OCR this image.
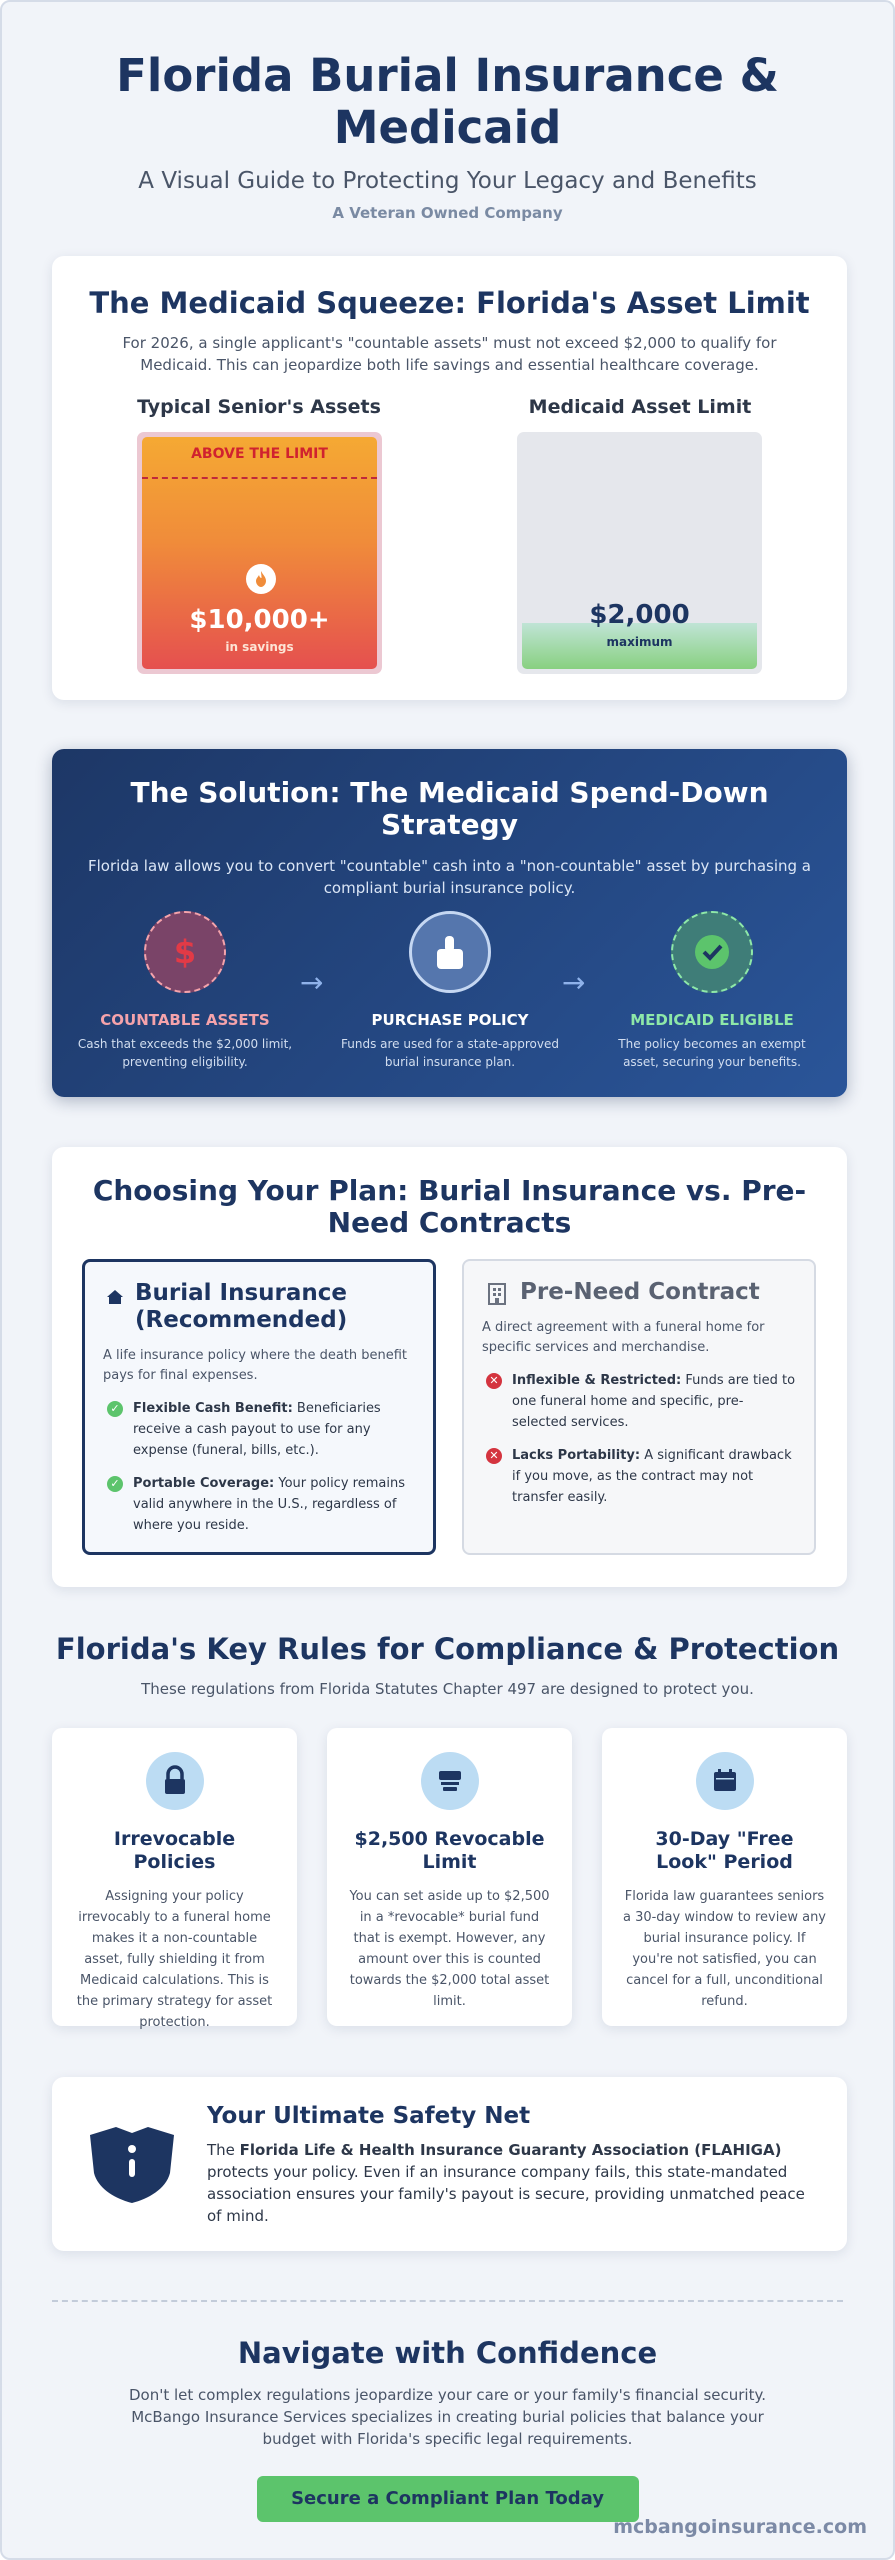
Florida Burial Insurance & Medicaid
A Visual Guide to Protecting Your Legacy and Benefits
A Veteran Owned Company
The Medicaid Squeeze: Florida's Asset Limit
For 2026, a single applicant's "countable assets" must not exceed $2,000 to qualify for Medicaid. This can jeopardize both life savings and essential healthcare coverage.
Typical Senior's Assets	Medicaid Asset Limit
ABOVE THE LIMIT
$10,000+
in savings
$2,000
maximum
The Solution: The Medicaid Spend-Down Strategy
Florida law allows you to convert "countable" cash into a "non-countable" asset by purchasing a compliant burial insurance policy.
$
COUNTABLE ASSETS
Cash that exceeds the $2,000 limit, preventing eligibility.
→
PURCHASE POLICY
Funds are used for a state-approved burial insurance plan.
→
MEDICAID ELIGIBLE
The policy becomes an exempt asset, securing your benefits.
Choosing Your Plan: Burial Insurance vs. Pre-Need Contracts
Burial Insurance (Recommended)
A life insurance policy where the death benefit pays for final expenses.
✓ Flexible Cash Benefit: Beneficiaries receive a cash payout to use for any expense (funeral, bills, etc.).
✓ Portable Coverage: Your policy remains valid anywhere in the U.S., regardless of where you reside.
Pre-Need Contract
A direct agreement with a funeral home for specific services and merchandise.
✕ Inflexible & Restricted: Funds are tied to one funeral home and specific, pre-selected services.
✕ Lacks Portability: A significant drawback if you move, as the contract may not transfer easily.
Florida's Key Rules for Compliance & Protection
These regulations from Florida Statutes Chapter 497 are designed to protect you.
Irrevocable Policies

Assigning your policy irrevocably to a funeral home makes it a non-countable asset, fully shielding it from Medicaid calculations. This is the primary strategy for asset protection.

$2,500 Revocable Limit

You can set aside up to $2,500 in a *revocable* burial fund that is exempt. However, any amount over this is counted towards the $2,000 total asset limit.

30-Day "Free Look" Period

Florida law guarantees seniors a 30-day window to review any burial insurance policy. If you're not satisfied, you can cancel for a full, unconditional refund.

Your Ultimate Safety Net

The Florida Life & Health Insurance Guaranty Association (FLAHIGA) protects your policy. Even if an insurance company fails, this state-mandated association ensures your family's payout is secure, providing unmatched peace of mind.

Navigate with Confidence

Don't let complex regulations jeopardize your care or your family's financial security. McBango Insurance Services specializes in creating burial policies that balance your budget with Florida's specific legal requirements.

Secure a Compliant Plan Today
mcbangoinsurance.com
